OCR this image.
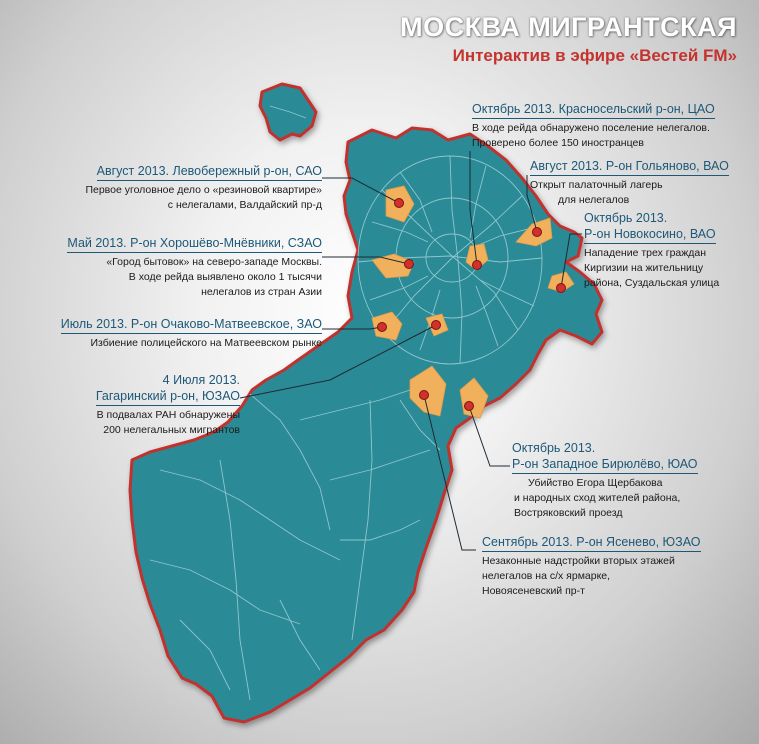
МОСКВА МИГРАНТСКАЯ
Интерактив в эфире «Вестей FM»
Октябрь 2013. Красносельский р-он, ЦАО
В ходе рейда обнаружено поселение нелегалов.
Проверено более 150 иностранцев
Август 2013. Левобережный р-он, САО
Первое уголовное дело о «резиновой квартире»
с нелегалами, Валдайский пр-д
Август 2013. Р-он Гольяново, ВАО
Открыт палаточный лагерь
для нелегалов
Май 2013. Р-он Хорошёво-Мнёвники, СЗАО
«Город бытовок» на северо-западе Москвы.
В ходе рейда выявлено около 1 тысячи
нелегалов из стран Азии
Октябрь 2013.
Р-он Новокосино, ВАО
Нападение трех граждан
Киргизии на жительницу
района, Суздальская улица
Июль 2013. Р-он Очаково-Матвеевское, ЗАО
Избиение полицейского на Матвеевском рынке
4 Июля 2013.
Гагаринский р-он, ЮЗАО
В подвалах РАН обнаружены
200 нелегальных мигрантов
Октябрь 2013.
Р-он Западное Бирюлёво, ЮАО
Убийство Егора Щербакова
и народных сход жителей района,
Востряковский проезд
Сентябрь 2013. Р-он Ясенево, ЮЗАО
Незаконные надстройки вторых этажей
нелегалов на с/х ярмарке,
Новоясеневский пр-т
